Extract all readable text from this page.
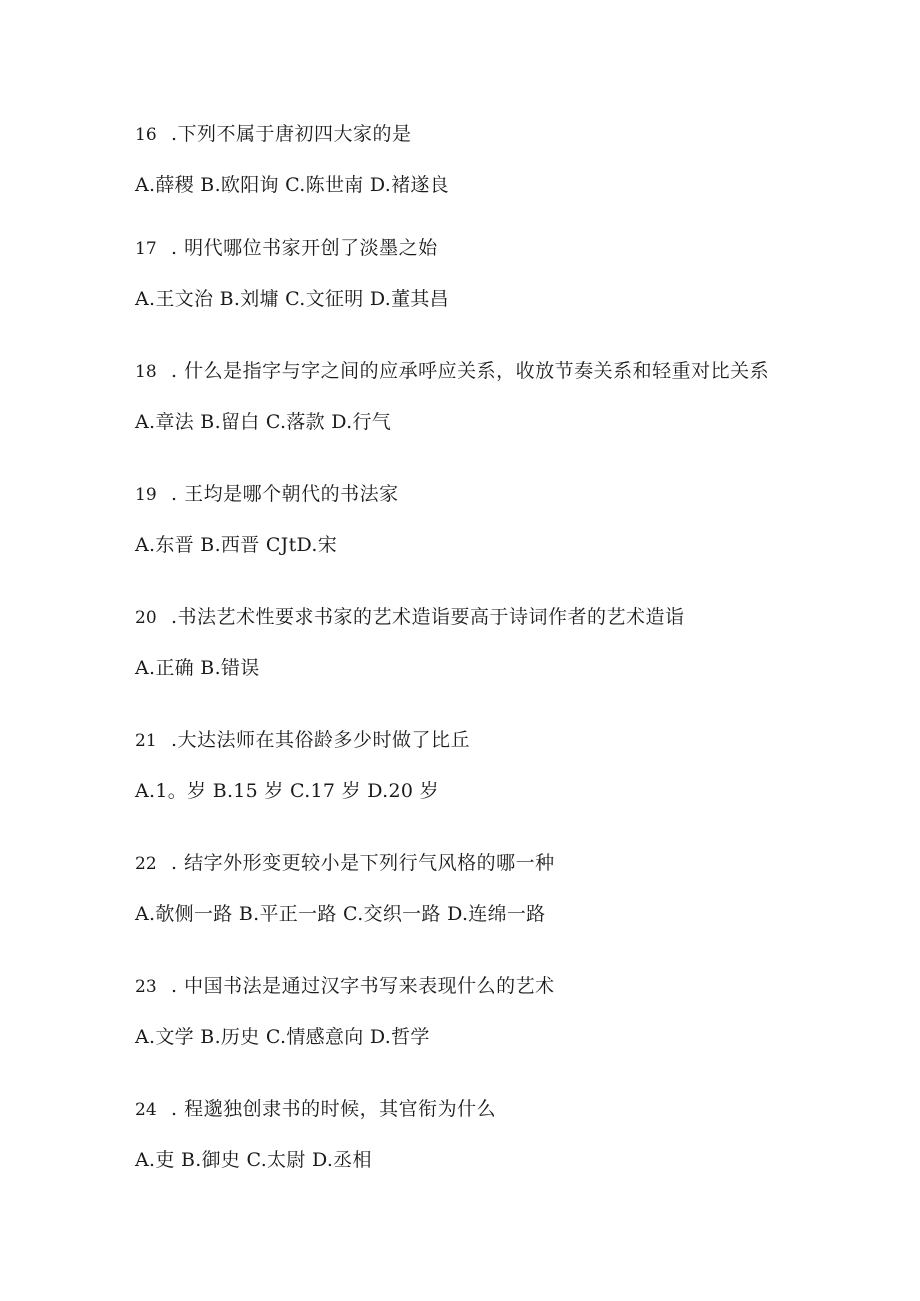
16 .下列不属于唐初四大家的是
A.薛稷 B.欧阳询 C.陈世南 D.褚遂良
17 . 明代哪位书家开创了淡墨之始
A.王文治 B.刘墉 C.文征明 D.董其昌
18 . 什么是指字与字之间的应承呼应关系，收放节奏关系和轻重对比关系
A.章法 B.留白 C.落款 D.行气
19 . 王均是哪个朝代的书法家
A.东晋 B.西晋 CJtD.宋
20 .书法艺术性要求书家的艺术造诣要高于诗词作者的艺术造诣
A.正确 B.错误
21 .大达法师在其俗龄多少时做了比丘
A.1。岁 B.15 岁 C.17 岁 D.20 岁
22 . 结字外形变更较小是下列行气风格的哪一种
A.欹侧一路 B.平正一路 C.交织一路 D.连绵一路
23 . 中国书法是通过汉字书写来表现什么的艺术
A.文学 B.历史 C.情感意向 D.哲学
24 . 程邈独创隶书的时候，其官衔为什么
A.吏 B.御史 C.太尉 D.丞相
